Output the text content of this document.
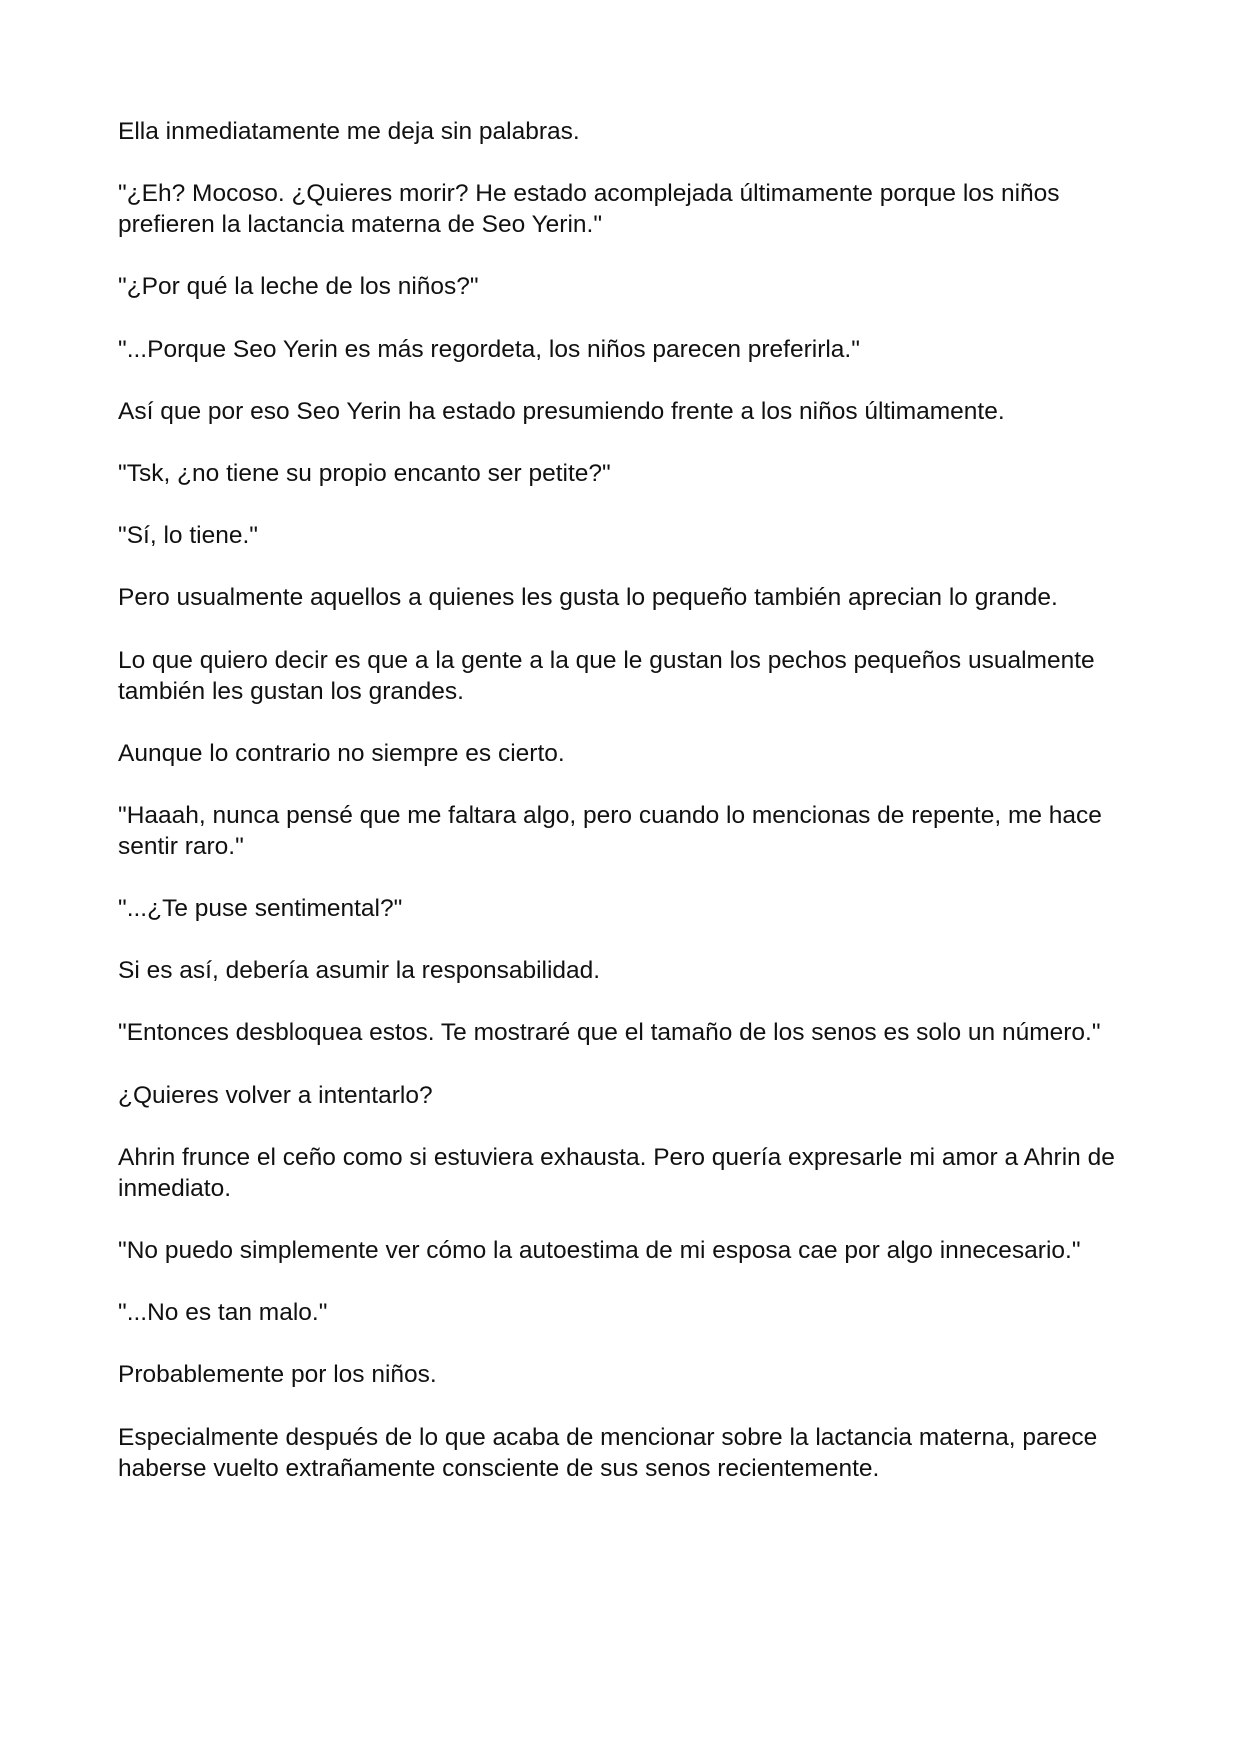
Ella inmediatamente me deja sin palabras.

"¿Eh? Mocoso. ¿Quieres morir? He estado acomplejada últimamente porque los niños prefieren la lactancia materna de Seo Yerin."

"¿Por qué la leche de los niños?"

"...Porque Seo Yerin es más regordeta, los niños parecen preferirla."

Así que por eso Seo Yerin ha estado presumiendo frente a los niños últimamente.

"Tsk, ¿no tiene su propio encanto ser petite?"

"Sí, lo tiene."

Pero usualmente aquellos a quienes les gusta lo pequeño también aprecian lo grande.

Lo que quiero decir es que a la gente a la que le gustan los pechos pequeños usualmente también les gustan los grandes.

Aunque lo contrario no siempre es cierto.

"Haaah, nunca pensé que me faltara algo, pero cuando lo mencionas de repente, me hace sentir raro."

"...¿Te puse sentimental?"

Si es así, debería asumir la responsabilidad.

"Entonces desbloquea estos. Te mostraré que el tamaño de los senos es solo un número."

¿Quieres volver a intentarlo?

Ahrin frunce el ceño como si estuviera exhausta. Pero quería expresarle mi amor a Ahrin de inmediato.

"No puedo simplemente ver cómo la autoestima de mi esposa cae por algo innecesario."

"...No es tan malo."

Probablemente por los niños.

Especialmente después de lo que acaba de mencionar sobre la lactancia materna, parece haberse vuelto extrañamente consciente de sus senos recientemente.
